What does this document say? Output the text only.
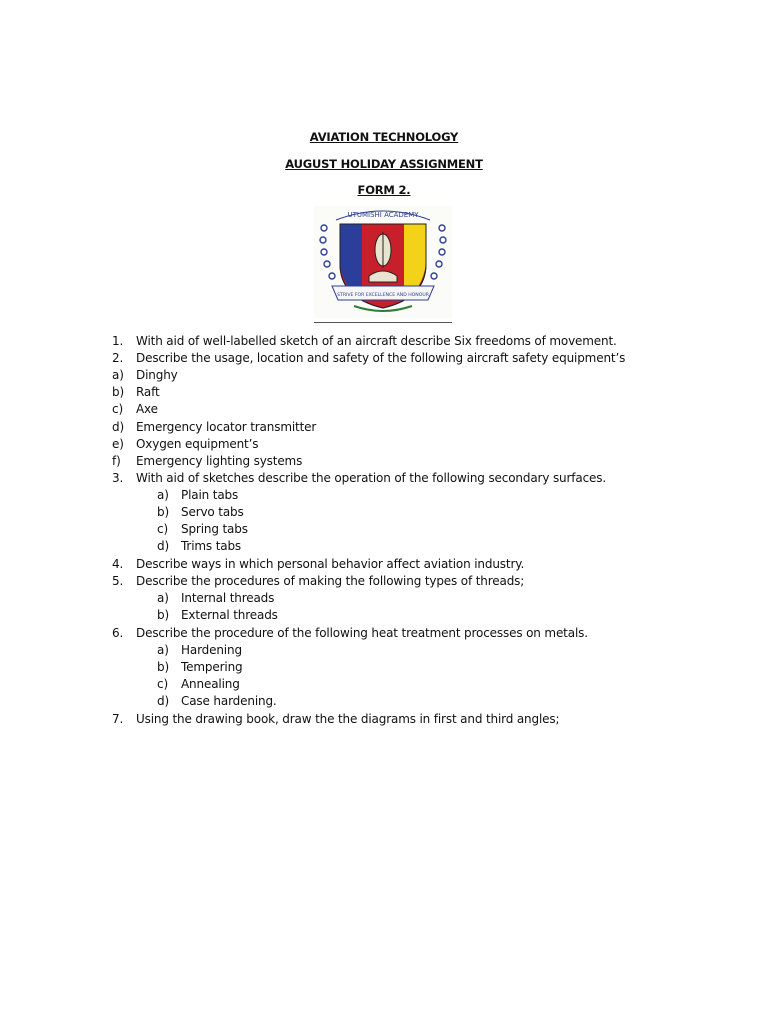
AVIATION TECHNOLOGY
AUGUST HOLIDAY ASSIGNMENT
FORM 2.
UTUMISHI ACADEMY
STRIVE FOR EXCELLENCE AND HONOUR
1. With aid of well-labelled sketch of an aircraft describe Six freedoms of movement.
2. Describe the usage, location and safety of the following aircraft safety equipment’s
a) Dinghy
b) Raft
c) Axe
d) Emergency locator transmitter
e) Oxygen equipment’s
f) Emergency lighting systems
3. With aid of sketches describe the operation of the following secondary surfaces.
a) Plain tabs
b) Servo tabs
c) Spring tabs
d) Trims tabs
4. Describe ways in which personal behavior affect aviation industry.
5. Describe the procedures of making the following types of threads;
a) Internal threads
b) External threads
6. Describe the procedure of the following heat treatment processes on metals.
a) Hardening
b) Tempering
c) Annealing
d) Case hardening.
7. Using the drawing book, draw the the diagrams in first and third angles;
